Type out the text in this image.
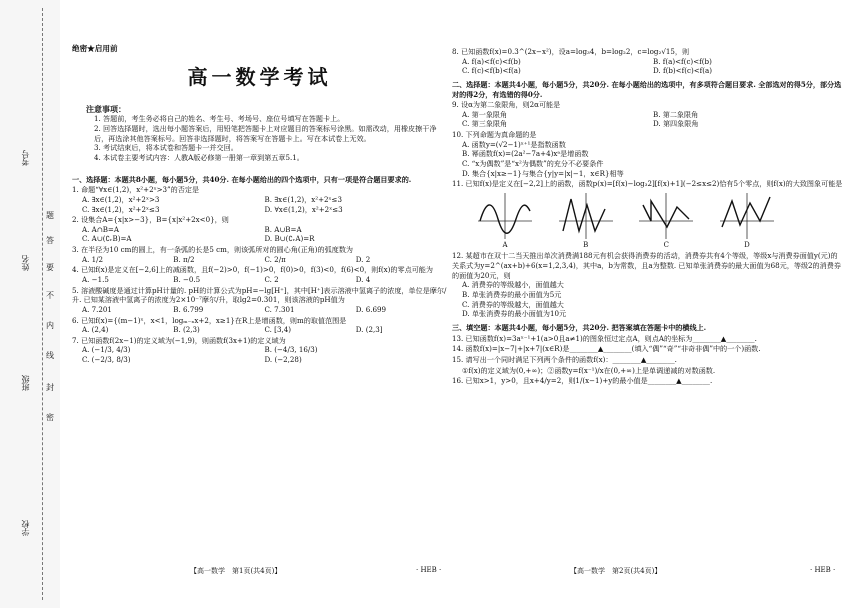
考号
姓名
班级
学校
题
答
要
不
内
线
封
密
绝密★启用前
高一数学考试
注意事项：

1. 答题前，考生务必将自己的姓名、考生号、考场号、座位号填写在答题卡上。

2. 回答选择题时，选出每小题答案后，用铅笔把答题卡上对应题目的答案标号涂黑。如需改动，用橡皮擦干净后，再选涂其他答案标号。回答非选择题时，将答案写在答题卡上。写在本试卷上无效。

3. 考试结束后，将本试卷和答题卡一并交回。

4. 本试卷主要考试内容：人教A版必修第一册第一章到第五章5.1。

一、选择题：本题共8小题，每小题5分，共40分. 在每小题给出的四个选项中，只有一项是符合题目要求的.
1. 命题“∀x∈(1,2)，x²+2ˣ>3”的否定是
A. ∃x∈(1,2)，x²+2ˣ>3	B. ∃x∈(1,2)，x²+2ˣ≤3
C. ∃x∈(1,2)，x²+2ˣ≤3	D. ∀x∈(1,2)，x²+2ˣ≤3
2. 设集合A={x|x>−3}，B={x|x²+2x<0}，则
A. A∩B=A	B. A∪B=A
C. A∪(∁ᵣB)=A	D. B∪(∁ᵣA)=R
3. 在半径为10 cm的圆上，有一条弧的长是5 cm，则该弧所对的圆心角(正角)的弧度数为
A. 1/2	B. π/2	C. 2/π	D. 2
4. 已知f(x)是定义在[−2,6]上的减函数，且f(−2)>0，f(−1)>0，f(0)>0，f(3)<0，f(6)<0，则f(x)的零点可能为
A. −1.5	B. −0.5	C. 2	D. 4
5. 溶液酸碱度是通过计算pH计量的. pH的计算公式为pH=−lg[H⁺]，其中[H⁺]表示溶液中氢离子的浓度，单位是摩尔/升. 已知某溶液中氢离子的浓度为2×10⁻⁷摩尔/升，取lg2=0.301，则该溶液的pH值为
A. 7.201	B. 6.799	C. 7.301	D. 6.699
6. 已知f(x)={(m−1)ˣ，x<1，logₘ₋ₓx+2，x≥1}在R上是增函数，则m的取值范围是
A. (2,4)	B. (2,3)	C. [3,4)	D. (2,3]
7. 已知函数f(2x−1)的定义域为(−1,9)，则函数f(3x+1)的定义域为
A. (−1/3, 4/3)	B. (−4/3, 16/3)
C. (−2/3, 8/3)	D. (−2,28)
【高一数学　第1页(共4页)】	· HEB ·
8. 已知函数f(x)=0.3^(2x−x²)，设a=log₃4，b=log₂2，c=log₂√15，则
A. f(a)<f(c)<f(b)	B. f(a)<f(c)<f(b)
C. f(c)<f(b)<f(a)	D. f(b)<f(c)<f(a)
二、选择题：本题共4小题，每小题5分，共20分. 在每小题给出的选项中，有多项符合题目要求. 全部选对的得5分，部分选对的得2分，有选错的得0分.
9. 设α为第二象限角，则2α可能是
A. 第一象限角	B. 第二象限角
C. 第三象限角	D. 第四象限角
10. 下列命题为真命题的是
A. 函数y=(√2−1)ˣ⁺¹是指数函数
B. 幂函数f(x)=(2a²−7a+4)xᵃ是增函数
C. “x为偶数”是“x²为偶数”的充分不必要条件
D. 集合{x|x≥−1}与集合{y|y=|x|−1，x∈R}相等
11. 已知f(x)是定义在[−2,2]上的函数，函数p(x)=[f(x)−log₃2][f(x)+1](−2≤x≤2)恰有5个零点，则f(x)的大致图象可能是
A	B	C	D
12. 某超市在双十二当天推出单次消费满188元有机会获得消费券的活动，消费券共有4个等级，等级x与消费券面值y(元)的关系式为y=2^(ax+b)+6(x=1,2,3,4)，其中a，b为常数，且a为整数. 已知单张消费券的最大面值为68元，等级2的消费券的面值为20元，则
A. 消费券的等级越小，面值越大
B. 单张消费券的最小面值为5元
C. 消费券的等级越大，面值越大
D. 单张消费券的最小面值为10元
三、填空题：本题共4小题，每小题5分，共20分. 把答案填在答题卡中的横线上.
13. 已知函数f(x)=3aˣ⁻¹+1(a>0且a≠1)的图象恒过定点A，则点A的坐标为________▲________.
14. 函数f(x)=|x−7|+|x+7|(x∈R)是________▲________(填入“偶”“奇”“非奇非偶”中的一个)函数.
15. 请写出一个同时满足下列两个条件的函数f(x)：________▲________.
①f(x)的定义域为(0,+∞)；②函数y=f(x⁻¹)/x在(0,+∞)上是单调递减的对数函数.
16. 已知x>1，y>0，且x+4/y=2，则1/(x−1)+y的最小值是________▲________.
【高一数学　第2页(共4页)】	· HEB ·
